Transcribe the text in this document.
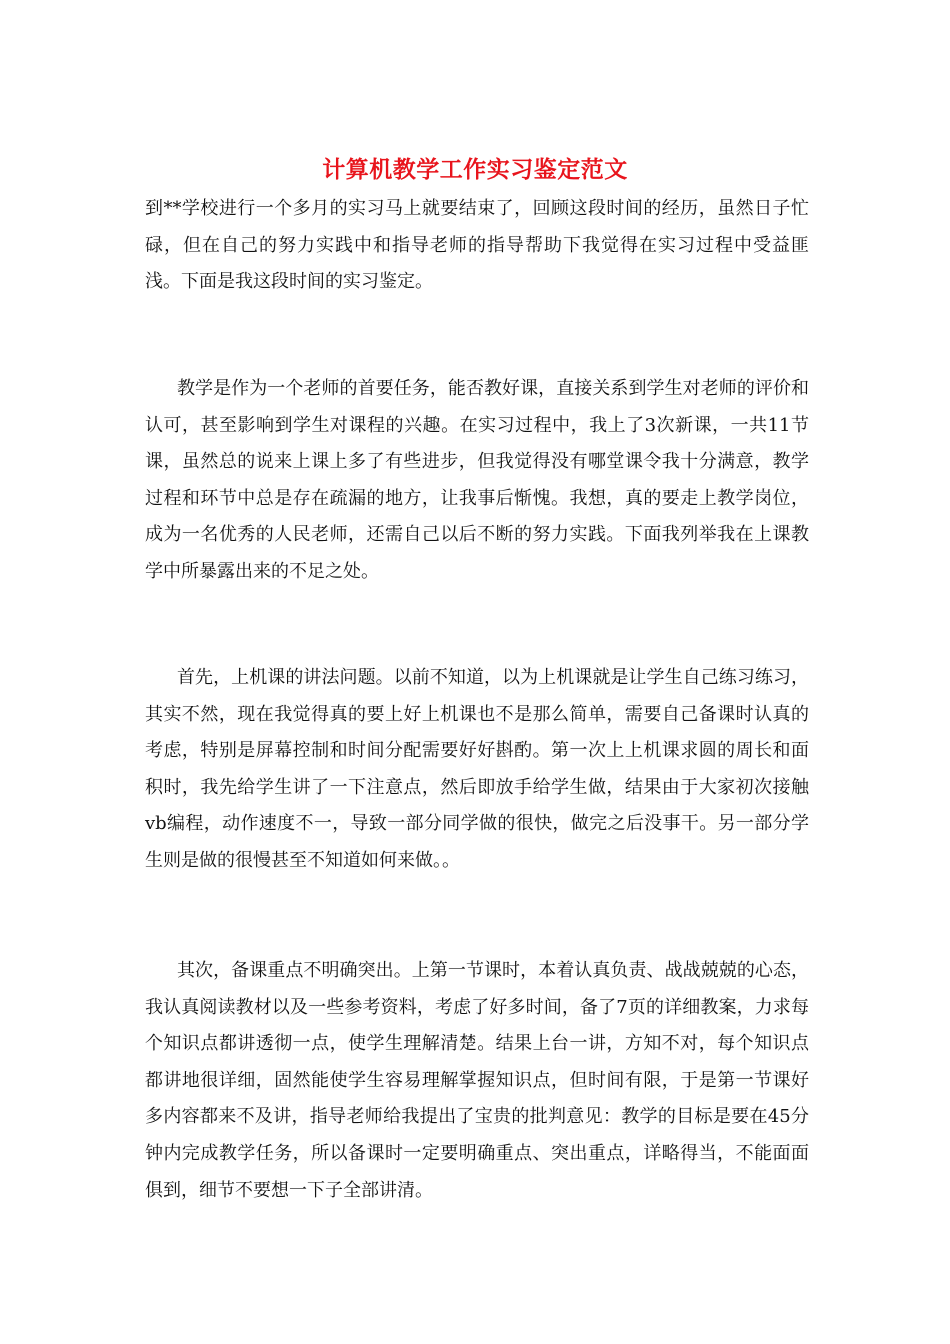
计算机教学工作实习鉴定范文

到**学校进行一个多月的实习马上就要结束了，回顾这段时间的经历，虽然日子忙碌，但在自己的努力实践中和指导老师的指导帮助下我觉得在实习过程中受益匪浅。下面是我这段时间的实习鉴定。

教学是作为一个老师的首要任务，能否教好课，直接关系到学生对老师的评价和认可，甚至影响到学生对课程的兴趣。在实习过程中，我上了3次新课，一共11节课，虽然总的说来上课上多了有些进步，但我觉得没有哪堂课令我十分满意，教学过程和环节中总是存在疏漏的地方，让我事后惭愧。我想，真的要走上教学岗位，成为一名优秀的人民老师，还需自己以后不断的努力实践。下面我列举我在上课教学中所暴露出来的不足之处。

首先，上机课的讲法问题。以前不知道，以为上机课就是让学生自己练习练习，其实不然，现在我觉得真的要上好上机课也不是那么简单，需要自己备课时认真的考虑，特别是屏幕控制和时间分配需要好好斟酌。第一次上上机课求圆的周长和面积时，我先给学生讲了一下注意点，然后即放手给学生做，结果由于大家初次接触vb编程，动作速度不一，导致一部分同学做的很快，做完之后没事干。另一部分学生则是做的很慢甚至不知道如何来做。。

其次，备课重点不明确突出。上第一节课时，本着认真负责、战战兢兢的心态，我认真阅读教材以及一些参考资料，考虑了好多时间，备了7页的详细教案，力求每个知识点都讲透彻一点，使学生理解清楚。结果上台一讲，方知不对，每个知识点都讲地很详细，固然能使学生容易理解掌握知识点，但时间有限，于是第一节课好多内容都来不及讲，指导老师给我提出了宝贵的批判意见：教学的目标是要在45分钟内完成教学任务，所以备课时一定要明确重点、突出重点，详略得当，不能面面俱到，细节不要想一下子全部讲清。
